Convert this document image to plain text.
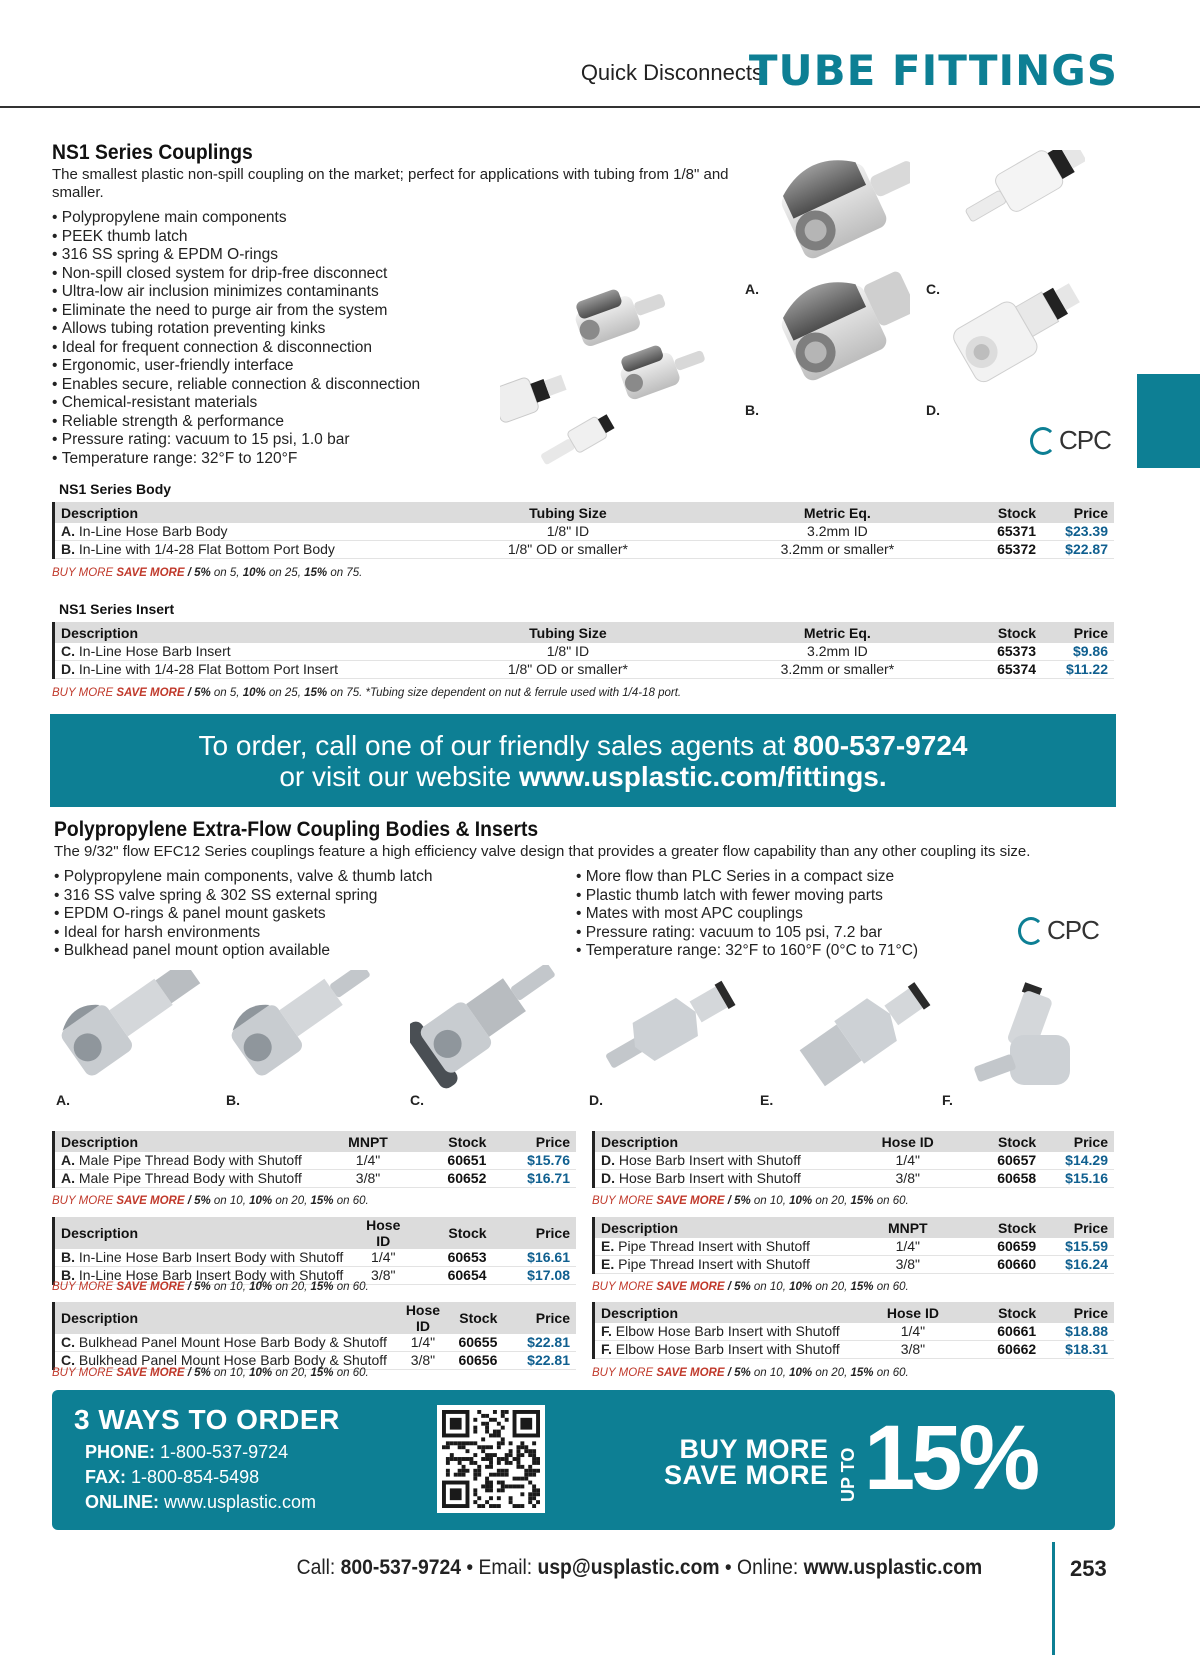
Quick Disconnects
TUBE FITTINGS
NS1 Series Couplings
The smallest plastic non-spill coupling on the market; perfect for applications with tubing from 1/8" and smaller.
• Polypropylene main components
• PEEK thumb latch
• 316 SS spring & EPDM O-rings
• Non-spill closed system for drip-free disconnect
• Ultra-low air inclusion minimizes contaminants
• Eliminate the need to purge air from the system
• Allows tubing rotation preventing kinks
• Ideal for frequent connection & disconnection
• Ergonomic, user-friendly interface
• Enables secure, reliable connection & disconnection
• Chemical-resistant materials
• Reliable strength & performance
• Pressure rating: vacuum to 15 psi, 1.0 bar
• Temperature range: 32°F to 120°F
A.
B.
C.
D.
CPC
NS1 Series Body
Description	Tubing Size	Metric Eq.	Stock	Price
A. In-Line Hose Barb Body	1/8" ID	3.2mm ID	65371	$23.39
B. In-Line with 1/4-28 Flat Bottom Port Body	1/8" OD or smaller*	3.2mm or smaller*	65372	$22.87
BUY MORE SAVE MORE / 5% on 5, 10% on 25, 15% on 75.
NS1 Series Insert
Description	Tubing Size	Metric Eq.	Stock	Price
C. In-Line Hose Barb Insert	1/8" ID	3.2mm ID	65373	$9.86
D. In-Line with 1/4-28 Flat Bottom Port Insert	1/8" OD or smaller*	3.2mm or smaller*	65374	$11.22
BUY MORE SAVE MORE / 5% on 5, 10% on 25, 15% on 75. *Tubing size dependent on nut & ferrule used with 1/4-18 port.
To order, call one of our friendly sales agents at 800-537-9724
or visit our website www.usplastic.com/fittings.
Polypropylene Extra-Flow Coupling Bodies & Inserts
The 9/32" flow EFC12 Series couplings feature a high efficiency valve design that provides a greater flow capability than any other coupling its size.
• Polypropylene main components, valve & thumb latch
• 316 SS valve spring & 302 SS external spring
• EPDM O-rings & panel mount gaskets
• Ideal for harsh environments
• Bulkhead panel mount option available
• More flow than PLC Series in a compact size
• Plastic thumb latch with fewer moving parts
• Mates with most APC couplings
• Pressure rating: vacuum to 105 psi, 7.2 bar
• Temperature range: 32°F to 160°F (0°C to 71°C)
CPC
A.	B.	C.	D.	E.	F.
Description	MNPT	Stock	Price
A. Male Pipe Thread Body with Shutoff	1/4"	60651	$15.76
A. Male Pipe Thread Body with Shutoff	3/8"	60652	$16.71
BUY MORE SAVE MORE / 5% on 10, 10% on 20, 15% on 60.
Description	Hose ID	Stock	Price
B. In-Line Hose Barb Insert Body with Shutoff	1/4"	60653	$16.61
B. In-Line Hose Barb Insert Body with Shutoff	3/8"	60654	$17.08
BUY MORE SAVE MORE / 5% on 10, 10% on 20, 15% on 60.
Description	Hose ID	Stock	Price
C. Bulkhead Panel Mount Hose Barb Body & Shutoff	1/4"	60655	$22.81
C. Bulkhead Panel Mount Hose Barb Body & Shutoff	3/8"	60656	$22.81
BUY MORE SAVE MORE / 5% on 10, 10% on 20, 15% on 60.
Description	Hose ID	Stock	Price
D. Hose Barb Insert with Shutoff	1/4"	60657	$14.29
D. Hose Barb Insert with Shutoff	3/8"	60658	$15.16
BUY MORE SAVE MORE / 5% on 10, 10% on 20, 15% on 60.
Description	MNPT	Stock	Price
E. Pipe Thread Insert with Shutoff	1/4"	60659	$15.59
E. Pipe Thread Insert with Shutoff	3/8"	60660	$16.24
BUY MORE SAVE MORE / 5% on 10, 10% on 20, 15% on 60.
Description	Hose ID	Stock	Price
F. Elbow Hose Barb Insert with Shutoff	1/4"	60661	$18.88
F. Elbow Hose Barb Insert with Shutoff	3/8"	60662	$18.31
BUY MORE SAVE MORE / 5% on 10, 10% on 20, 15% on 60.
3 WAYS TO ORDER
PHONE: 1-800-537-9724
FAX: 1-800-854-5498
ONLINE: www.usplastic.com
BUY MORE
SAVE MORE UP TO 15%
Call: 800-537-9724 • Email: usp@usplastic.com • Online: www.usplastic.com	253
